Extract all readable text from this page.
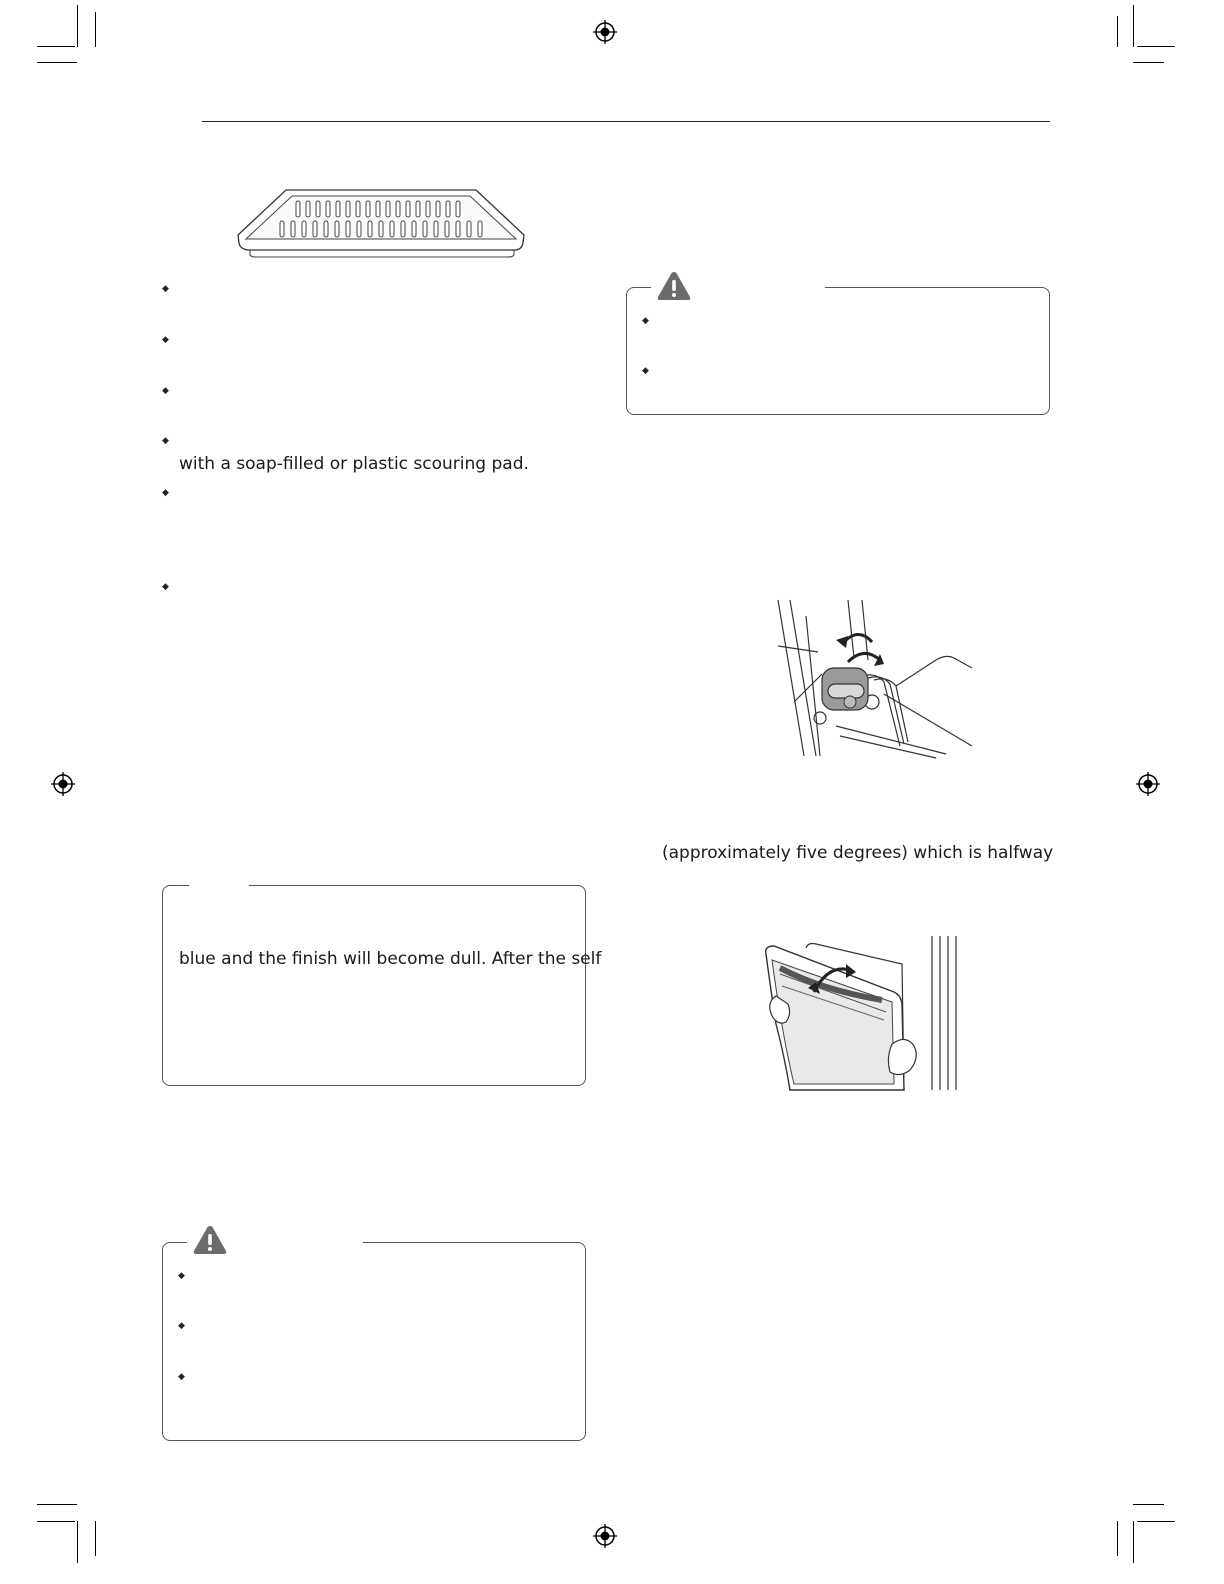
◆
◆
◆
◆
with a soap-filled or plastic scouring pad.
◆
◆
blue and the finish will become dull. After the self
◆
◆
◆
◆
◆
(approximately five degrees) which is halfway
